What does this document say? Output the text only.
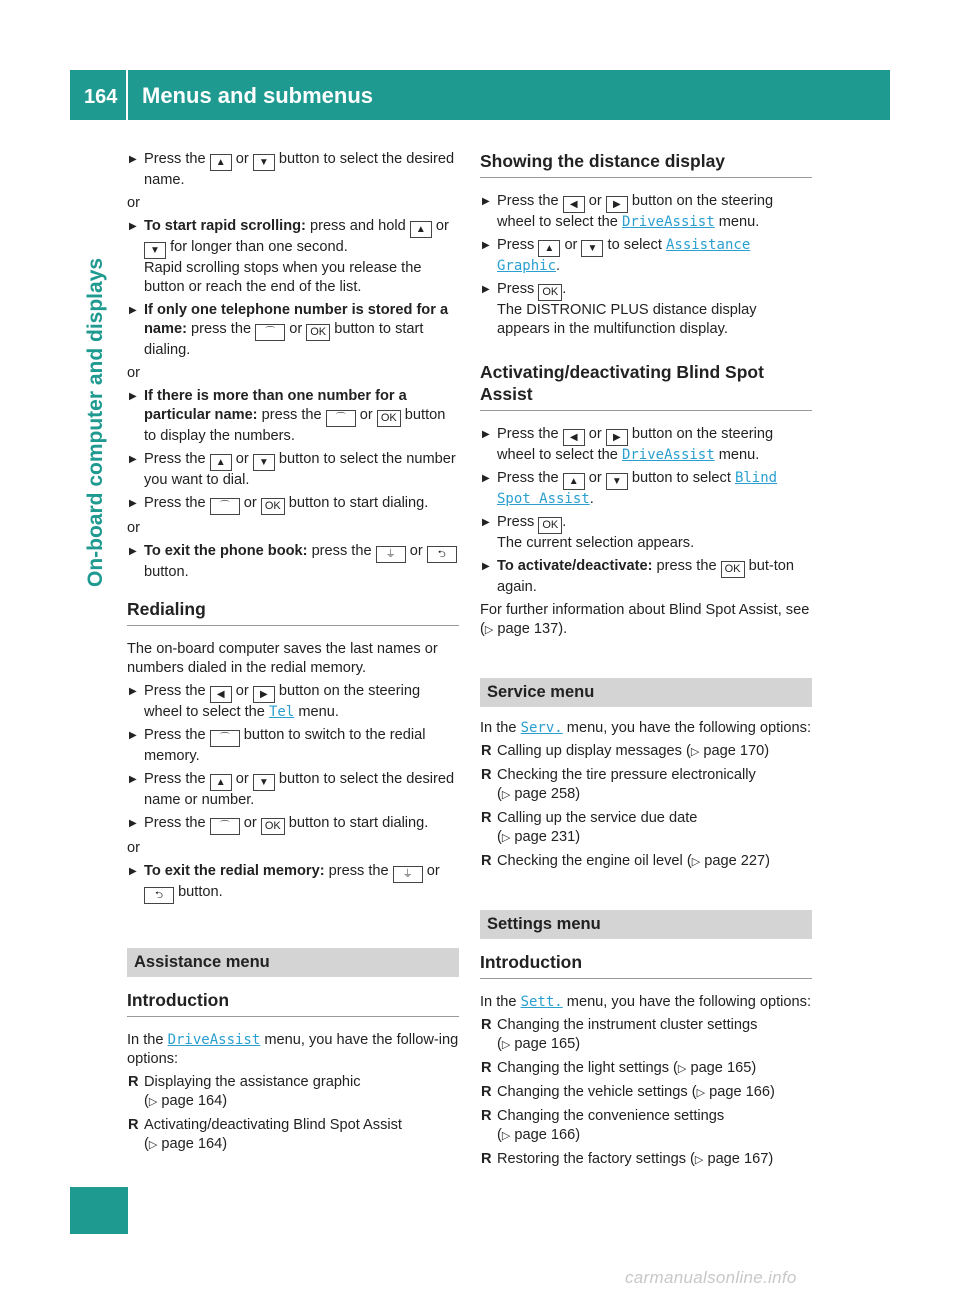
164 Menus and submenus
On-board computer and displays
▶ Press the ▲ or ▼ button to select the desired name.
or
▶ To start rapid scrolling: press and hold ▲ or ▼ for longer than one second.
Rapid scrolling stops when you release the button or reach the end of the list.
▶ If only one telephone number is stored for a name: press the ⌒ or OK button to start dialing.
or
▶ If there is more than one number for a particular name: press the ⌒ or OK button to display the numbers.
▶ Press the ▲ or ▼ button to select the number you want to dial.
▶ Press the ⌒ or OK button to start dialing.
or
▶ To exit the phone book: press the ⏚ or ⮌ button.
Redialing
The on-board computer saves the last names or numbers dialed in the redial memory.
▶ Press the ◀ or ▶ button on the steering wheel to select the Tel menu.
▶ Press the ⌒ button to switch to the redial memory.
▶ Press the ▲ or ▼ button to select the desired name or number.
▶ Press the ⌒ or OK button to start dialing.
or
▶ To exit the redial memory: press the ⏚ or ⮌ button.
Assistance menu
Introduction
In the DriveAssist menu, you have the follow-ing options:
R Displaying the assistance graphic
(▷ page 164)
R Activating/deactivating Blind Spot Assist
(▷ page 164)
Showing the distance display
▶ Press the ◀ or ▶ button on the steering wheel to select the DriveAssist menu.
▶ Press ▲ or ▼ to select Assistance Graphic.
▶ Press OK .
The DISTRONIC PLUS distance display appears in the multifunction display.
Activating/deactivating Blind Spot Assist
▶ Press the ◀ or ▶ button on the steering wheel to select the DriveAssist menu.
▶ Press the ▲ or ▼ button to select Blind Spot Assist.
▶ Press OK .
The current selection appears.
▶ To activate/deactivate: press the OK but-ton again.
For further information about Blind Spot Assist, see (▷ page 137).
Service menu
In the Serv. menu, you have the following options:
R Calling up display messages (▷ page 170)
R Checking the tire pressure electronically
(▷ page 258)
R Calling up the service due date
(▷ page 231)
R Checking the engine oil level (▷ page 227)
Settings menu
Introduction
In the Sett. menu, you have the following options:
R Changing the instrument cluster settings
(▷ page 165)
R Changing the light settings (▷ page 165)
R Changing the vehicle settings (▷ page 166)
R Changing the convenience settings
(▷ page 166)
R Restoring the factory settings (▷ page 167)
carmanualsonline.info
